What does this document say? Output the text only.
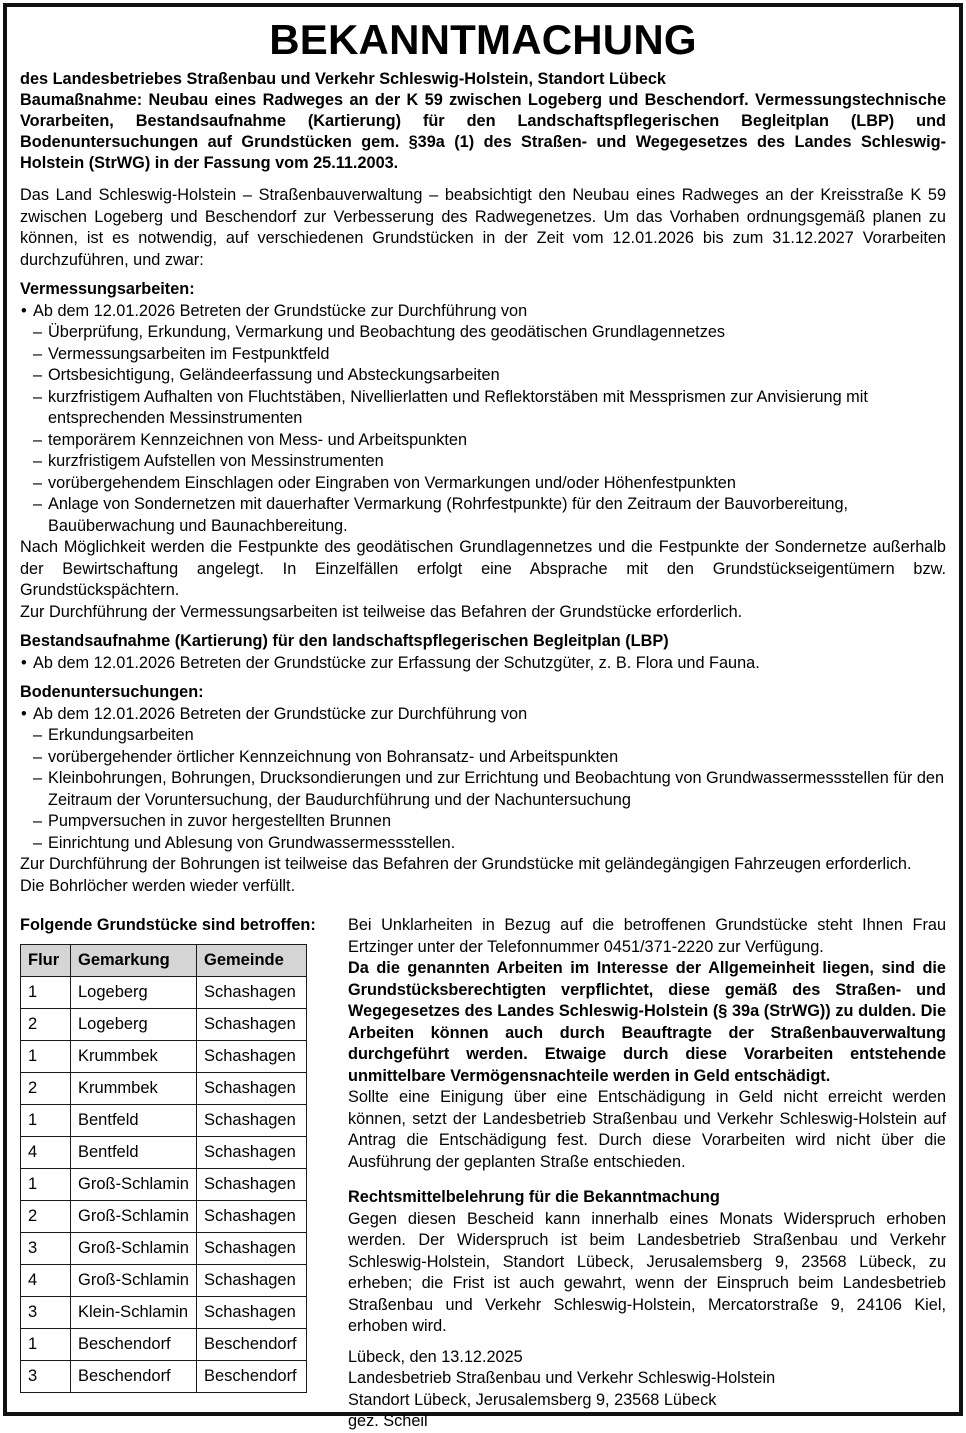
BEKANNTMACHUNG
des Landesbetriebes Straßenbau und Verkehr Schleswig-Holstein, Standort Lübeck
Baumaßnahme: Neubau eines Radweges an der K 59 zwischen Logeberg und Beschendorf. Vermessungstechnische Vorarbeiten, Bestandsaufnahme (Kartierung) für den Landschaftspflegerischen Begleitplan (LBP) und Bodenuntersuchungen auf Grundstücken gem. §39a (1) des Straßen- und Wegegesetzes des Landes Schleswig-Holstein (StrWG) in der Fassung vom 25.11.2003.

Das Land Schleswig-Holstein – Straßenbauverwaltung – beabsichtigt den Neubau eines Radweges an der Kreisstraße K 59 zwischen Logeberg und Beschendorf zur Verbesserung des Radwegenetzes. Um das Vorhaben ordnungsgemäß planen zu können, ist es notwendig, auf verschiedenen Grundstücken in der Zeit vom 12.01.2026 bis zum 31.12.2027 Vorarbeiten durchzuführen, und zwar:

Vermessungsarbeiten:
• Ab dem 12.01.2026 Betreten der Grundstücke zur Durchführung von
– Überprüfung, Erkundung, Vermarkung und Beobachtung des geodätischen Grundlagennetzes
– Vermessungsarbeiten im Festpunktfeld
– Ortsbesichtigung, Geländeerfassung und Absteckungsarbeiten
– kurzfristigem Aufhalten von Fluchtstäben, Nivellierlatten und Reflektorstäben mit Messprismen zur Anvisierung mit entsprechenden Messinstrumenten
– temporärem Kennzeichnen von Mess- und Arbeitspunkten
– kurzfristigem Aufstellen von Messinstrumenten
– vorübergehendem Einschlagen oder Eingraben von Vermarkungen und/oder Höhenfestpunkten
– Anlage von Sondernetzen mit dauerhafter Vermarkung (Rohrfestpunkte) für den Zeitraum der Bauvorbereitung, Bauüberwachung und Baunachbereitung.

Nach Möglichkeit werden die Festpunkte des geodätischen Grundlagennetzes und die Festpunkte der Sondernetze außerhalb der Bewirtschaftung angelegt. In Einzelfällen erfolgt eine Absprache mit den Grundstückseigentümern bzw. Grundstückspächtern.

Zur Durchführung der Vermessungsarbeiten ist teilweise das Befahren der Grundstücke erforderlich.

Bestandsaufnahme (Kartierung) für den landschaftspflegerischen Begleitplan (LBP)
• Ab dem 12.01.2026 Betreten der Grundstücke zur Erfassung der Schutzgüter, z. B. Flora und Fauna.
Bodenuntersuchungen:
• Ab dem 12.01.2026 Betreten der Grundstücke zur Durchführung von
– Erkundungsarbeiten
– vorübergehender örtlicher Kennzeichnung von Bohransatz- und Arbeitspunkten
– Kleinbohrungen, Bohrungen, Drucksondierungen und zur Errichtung und Beobachtung von Grundwassermessstellen für den Zeitraum der Voruntersuchung, der Baudurchführung und der Nachuntersuchung
– Pumpversuchen in zuvor hergestellten Brunnen
– Einrichtung und Ablesung von Grundwassermessstellen.

Zur Durchführung der Bohrungen ist teilweise das Befahren der Grundstücke mit geländegängigen Fahrzeugen erforderlich.

Die Bohrlöcher werden wieder verfüllt.

Folgende Grundstücke sind betroffen:
Flur	Gemarkung	Gemeinde
1	Logeberg	Schashagen
2	Logeberg	Schashagen
1	Krummbek	Schashagen
2	Krummbek	Schashagen
1	Bentfeld	Schashagen
4	Bentfeld	Schashagen
1	Groß-Schlamin	Schashagen
2	Groß-Schlamin	Schashagen
3	Groß-Schlamin	Schashagen
4	Groß-Schlamin	Schashagen
3	Klein-Schlamin	Schashagen
1	Beschendorf	Beschendorf
3	Beschendorf	Beschendorf

Bei Unklarheiten in Bezug auf die betroffenen Grundstücke steht Ihnen Frau Ertzinger unter der Telefonnummer 0451/371-2220 zur Verfügung.

Da die genannten Arbeiten im Interesse der Allgemeinheit liegen, sind die Grundstücksberechtigten verpflichtet, diese gemäß des Straßen- und Wegegesetzes des Landes Schleswig-Holstein (§ 39a (StrWG)) zu dulden. Die Arbeiten können auch durch Beauftragte der Straßenbauverwaltung durchgeführt werden. Etwaige durch diese Vorarbeiten entstehende unmittelbare Vermögensnachteile werden in Geld entschädigt.

Sollte eine Einigung über eine Entschädigung in Geld nicht erreicht werden können, setzt der Landesbetrieb Straßenbau und Verkehr Schleswig-Holstein auf Antrag die Entschädigung fest. Durch diese Vorarbeiten wird nicht über die Ausführung der geplanten Straße entschieden.

Rechtsmittelbelehrung für die Bekanntmachung

Gegen diesen Bescheid kann innerhalb eines Monats Widerspruch erhoben werden. Der Widerspruch ist beim Landesbetrieb Straßenbau und Verkehr Schleswig-Holstein, Standort Lübeck, Jerusalemsberg 9, 23568 Lübeck, zu erheben; die Frist ist auch gewahrt, wenn der Einspruch beim Landesbetrieb Straßenbau und Verkehr Schleswig-Holstein, Mercatorstraße 9, 24106 Kiel, erhoben wird.

Lübeck, den 13.12.2025
Landesbetrieb Straßenbau und Verkehr Schleswig-Holstein
Standort Lübeck, Jerusalemsberg 9, 23568 Lübeck
gez. Scheil
